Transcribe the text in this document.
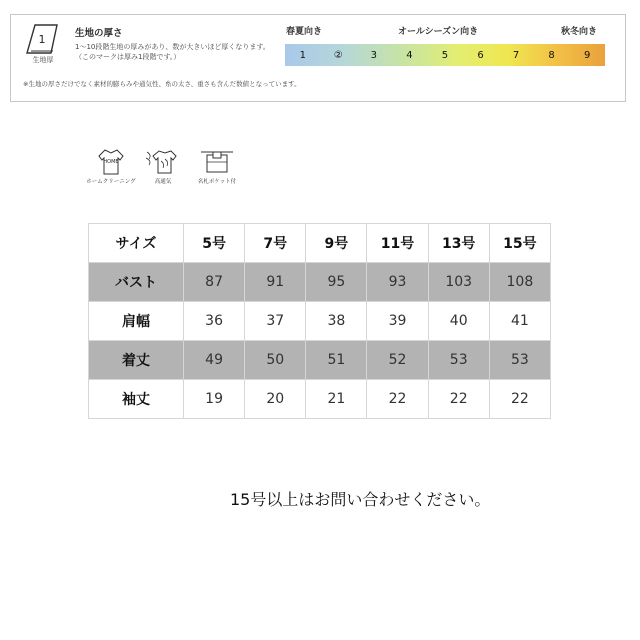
1
生地厚
生地の厚さ
1〜10段階生地の厚みがあり、数が大きいほど厚くなります。
（このマークは厚み1段階です。）
春夏向き	オールシーズン向き	秋冬向き
1	②	3	4	5	6	7	8	9
※生地の厚さだけでなく素材的膨らみや通気性、糸の太さ、重さも含んだ数値となっています。
HOME
ホームクリーニング	高通気	名札ポケット付
サイズ	5号	7号	9号	11号	13号	15号
バスト	87	91	95	93	103	108
肩幅	36	37	38	39	40	41
着丈	49	50	51	52	53	53
袖丈	19	20	21	22	22	22
15号以上はお問い合わせください。
